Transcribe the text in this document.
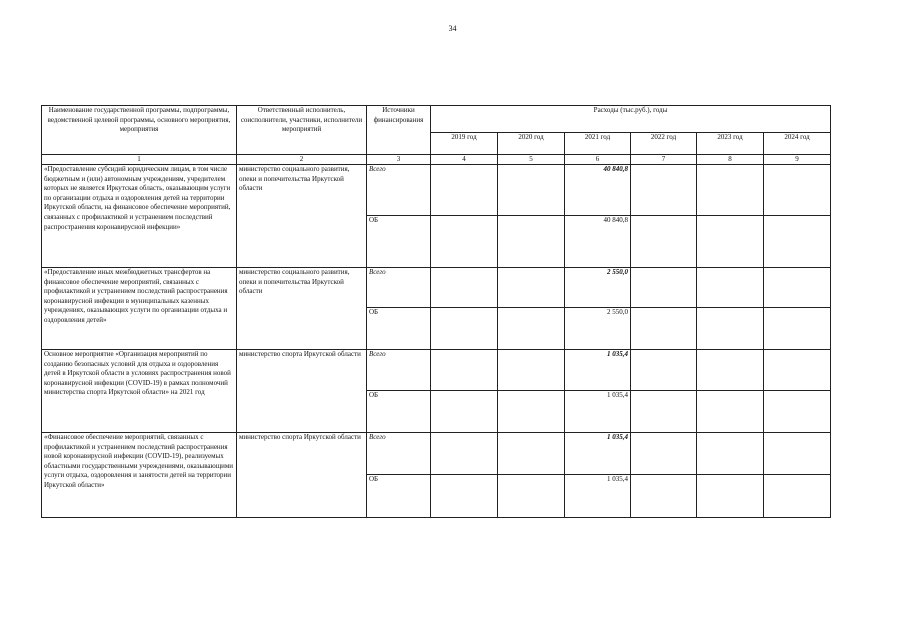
34
Наименование государственной программы, подпрограммы, ведомственной целевой программы, основного мероприятия, мероприятия	Ответственный исполнитель, соисполнители, участники, исполнители мероприятий	Источники финансирования	Расходы (тыс.руб.), годы					
			2019 год	2020 год	2021 год	2022 год	2023 год	2024 год
1	2	3	4	5	6	7	8	9
«Предоставление субсидий юридическим лицам, в том числе бюджетным и (или) автономным учреждениям, учредителем которых не является Иркутская область, оказывающим услуги по организации отдыха и оздоровления детей на территории Иркутской области, на финансовое обеспечение мероприятий, связанных с профилактикой и устранением последствий распространения коронавирусной инфекции»	министерство социального развития, опеки и попечительства Иркутской области	Всего			40 840,8			
		ОБ			40 840,8			
«Предоставление иных межбюджетных трансфертов на финансовое обеспечение мероприятий, связанных с профилактикой и устранением последствий распространения коронавирусной инфекции в муниципальных казенных учреждениях, оказывающих услуги по организации отдыха и оздоровления детей»	министерство социального развития, опеки и попечительства Иркутской области	Всего			2 550,0			
		ОБ			2 550,0			
Основное мероприятие «Организация мероприятий по созданию безопасных условий для отдыха и оздоровления детей в Иркутской области в условиях распространения новой коронавирусной инфекции (COVID-19) в рамках полномочий министерства спорта Иркутской области» на 2021 год	министерство спорта Иркутской области	Всего			1 035,4			
		ОБ			1 035,4			
«Финансовое обеспечение мероприятий, связанных с профилактикой и устранением последствий распространения новой коронавирусной инфекции (COVID-19), реализуемых областными государственными учреждениями, оказывающими услуги отдыха, оздоровления и занятости детей на территории Иркутской области»	министерство спорта Иркутской области	Всего			1 035,4			
		ОБ			1 035,4			
